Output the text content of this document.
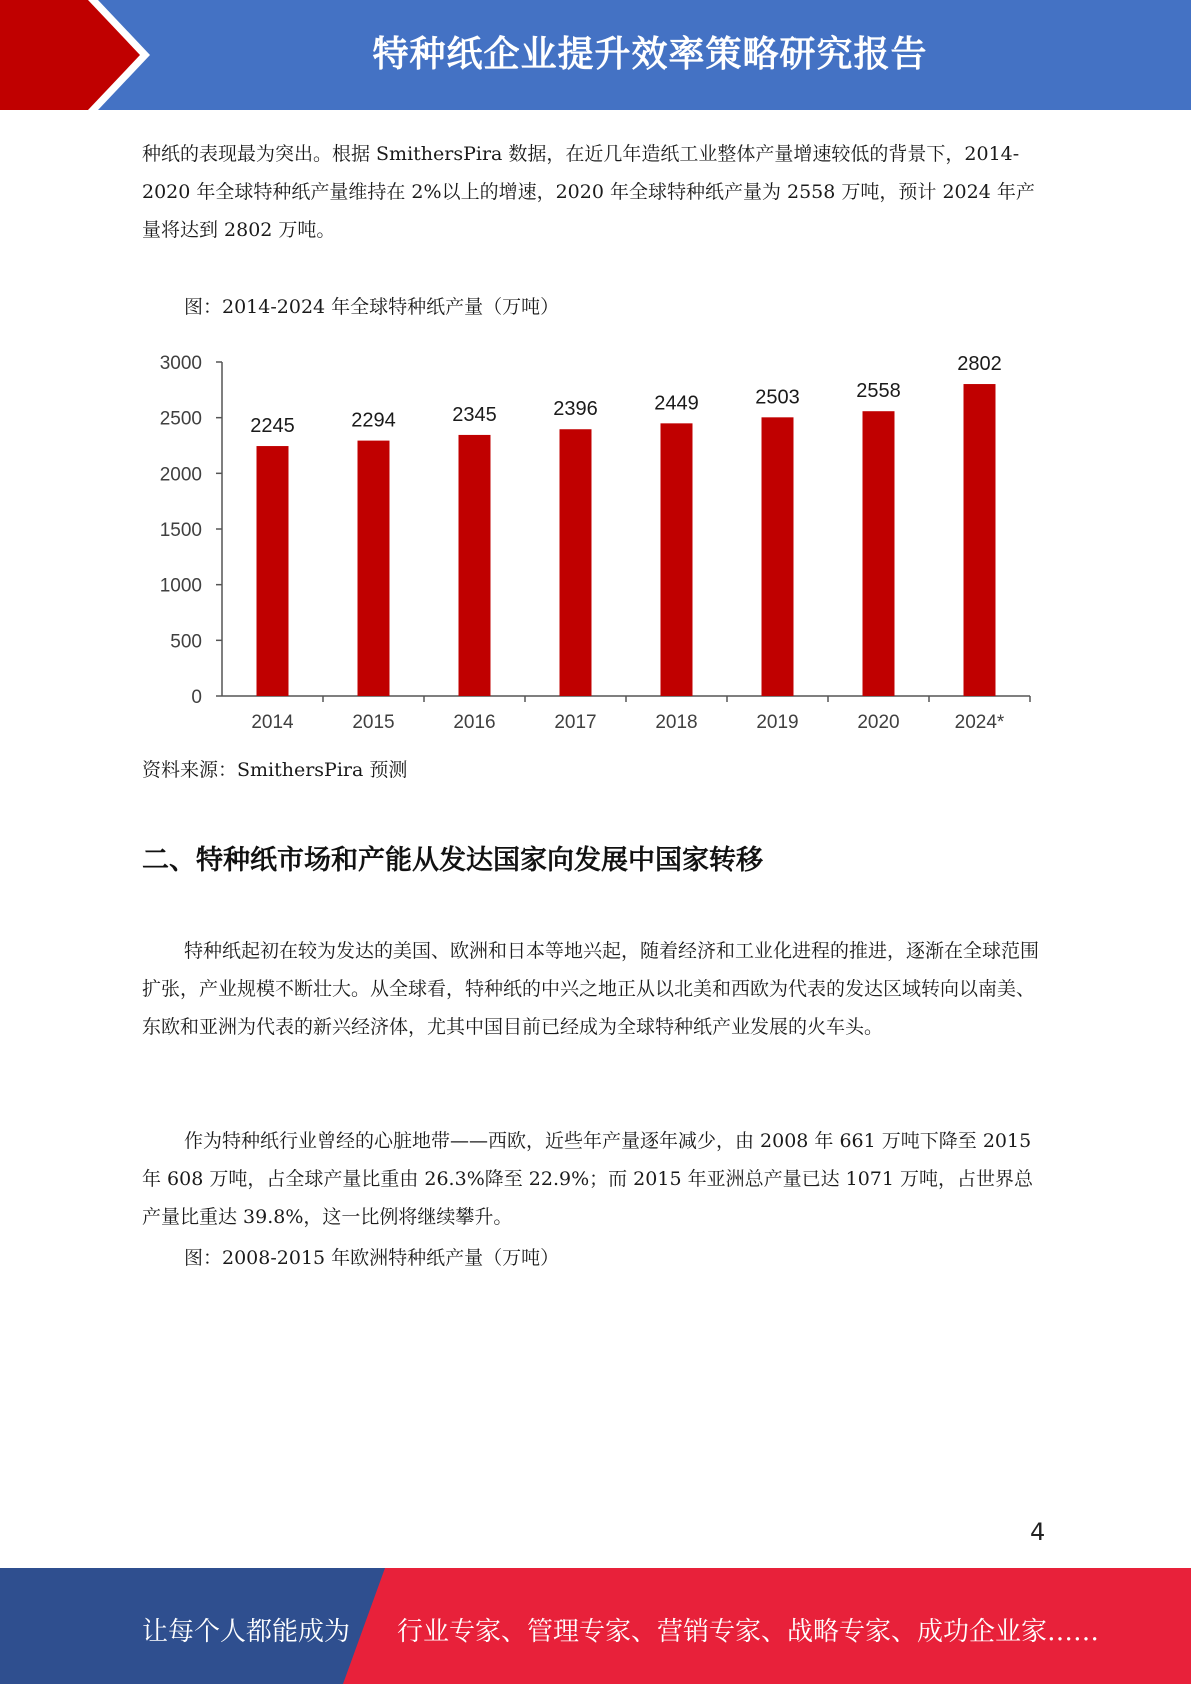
特种纸企业提升效率策略研究报告

种纸的表现最为突出。根据 SmithersPira 数据，在近几年造纸工业整体产量增速较低的背景下，2014-2020 年全球特种纸产量维持在 2%以上的增速，2020 年全球特种纸产量为 2558 万吨，预计 2024 年产量将达到 2802 万吨。

图：2014-2024 年全球特种纸产量（万吨）

0
500
1000
1500
2000
2500
3000
2014	2015	2016	2017	2018	2019	2020	2024*
2245	2294	2345	2396	2449	2503	2558
2802

资料来源：SmithersPira 预测

二、特种纸市场和产能从发达国家向发展中国家转移

特种纸起初在较为发达的美国、欧洲和日本等地兴起，随着经济和工业化进程的推进，逐渐在全球范围扩张，产业规模不断壮大。从全球看，特种纸的中兴之地正从以北美和西欧为代表的发达区域转向以南美、东欧和亚洲为代表的新兴经济体，尤其中国目前已经成为全球特种纸产业发展的火车头。

作为特种纸行业曾经的心脏地带——西欧，近些年产量逐年减少，由 2008 年 661 万吨下降至 2015 年 608 万吨，占全球产量比重由 26.3%降至 22.9%；而 2015 年亚洲总产量已达 1071 万吨，占世界总产量比重达 39.8%，这一比例将继续攀升。

图：2008-2015 年欧洲特种纸产量（万吨）

4
让每个人都能成为 行业专家、管理专家、营销专家、战略专家、成功企业家……
